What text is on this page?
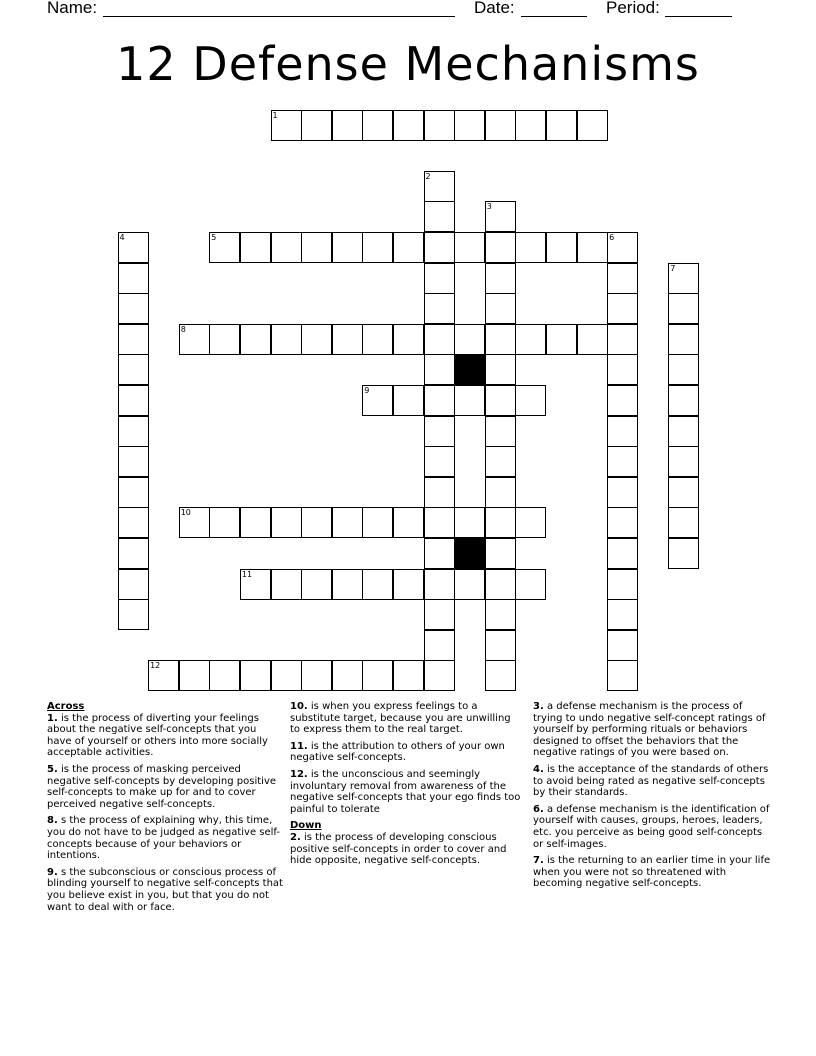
Name:	Date:	Period:
12 Defense Mechanisms
1
2
3
4	5	6
7
8
9
10
11
12
Across
1. is the process of diverting your feelings about the negative self-concepts that you have of yourself or others into more socially acceptable activities.
5. is the process of masking perceived negative self-concepts by developing positive self-concepts to make up for and to cover perceived negative self-concepts.
8. s the process of explaining why, this time, you do not have to be judged as negative self-concepts because of your behaviors or intentions.
9. s the subconscious or conscious process of blinding yourself to negative self-concepts that you believe exist in you, but that you do not want to deal with or face.
10. is when you express feelings to a substitute target, because you are unwilling to express them to the real target.
11. is the attribution to others of your own negative self-concepts.
12. is the unconscious and seemingly involuntary removal from awareness of the negative self-concepts that your ego finds too painful to tolerate
Down
2. is the process of developing conscious positive self-concepts in order to cover and hide opposite, negative self-concepts.
3. a defense mechanism is the process of trying to undo negative self-concept ratings of yourself by performing rituals or behaviors designed to offset the behaviors that the negative ratings of you were based on.
4. is the acceptance of the standards of others to avoid being rated as negative self-concepts by their standards.
6. a defense mechanism is the identification of yourself with causes, groups, heroes, leaders, etc. you perceive as being good self-concepts or self-images.
7. is the returning to an earlier time in your life when you were not so threatened with becoming negative self-concepts.
